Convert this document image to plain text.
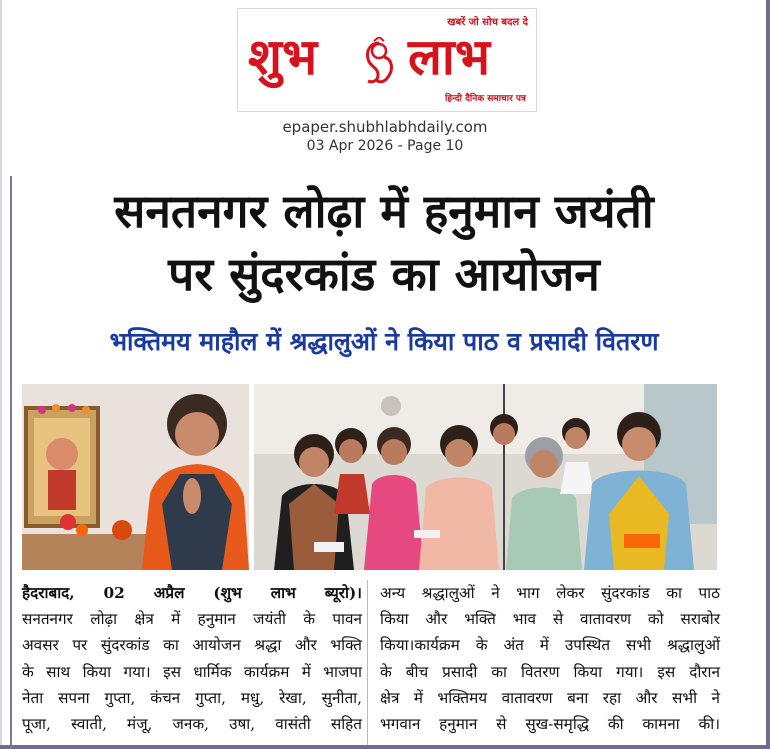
खबरें जो सोच बदल दे
शुभ लाभ
हिन्दी दैनिक समाचार पत्र
epaper.shubhlabhdaily.com
03 Apr 2026 - Page 10
सनतनगर लोढ़ा में हनुमान जयंती
पर सुंदरकांड का आयोजन
भक्तिमय माहौल में श्रद्धालुओं ने किया पाठ व प्रसादी वितरण

हैदराबाद, 02 अप्रैल (शुभ लाभ ब्यूरो)।

सनतनगर लोढ़ा क्षेत्र में हनुमान जयंती के पावन

अवसर पर सुंदरकांड का आयोजन श्रद्धा और भक्ति

के साथ किया गया। इस धार्मिक कार्यक्रम में भाजपा

नेता सपना गुप्ता, कंचन गुप्ता, मधु, रेखा, सुनीता,

पूजा, स्वाती, मंजू, जनक, उषा, वासंती सहित

अन्य श्रद्धालुओं ने भाग लेकर सुंदरकांड का पाठ

किया और भक्ति भाव से वातावरण को सराबोर

किया।कार्यक्रम के अंत में उपस्थित सभी श्रद्धालुओं

के बीच प्रसादी का वितरण किया गया। इस दौरान

क्षेत्र में भक्तिमय वातावरण बना रहा और सभी ने

भगवान हनुमान से सुख-समृद्धि की कामना की।
